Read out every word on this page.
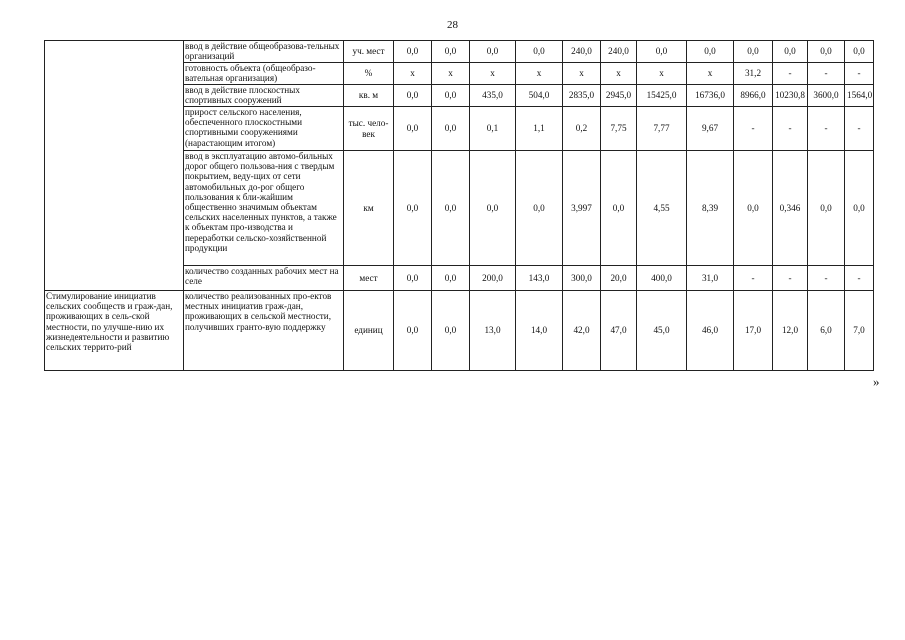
28
	ввод в действие общеобразова-тельных организаций	уч. мест	0,0	0,0	0,0	0,0	240,0	240,0	0,0	0,0	0,0	0,0	0,0	0,0
	готовность объекта (общеобразо-вательная организация)	%	х	х	х	х	х	х	х	х	31,2	-	-	-
	ввод в действие плоскостных спортивных сооружений	кв. м	0,0	0,0	435,0	504,0	2835,0	2945,0	15425,0	16736,0	8966,0	10230,8	3600,0	1564,0
	прирост сельского населения, обеспеченного плоскостными спортивными сооружениями (нарастающим итогом)	тыс. чело-век	0,0	0,0	0,1	1,1	0,2	7,75	7,77	9,67	-	-	-	-
	ввод в эксплуатацию автомо-бильных дорог общего пользова-ния с твердым покрытием, веду-щих от сети автомобильных до-рог общего пользования к бли-жайшим общественно значимым объектам сельских населенных пунктов, а также к объектам про-изводства и переработки сельско-хозяйственной продукции	км	0,0	0,0	0,0	0,0	3,997	0,0	4,55	8,39	0,0	0,346	0,0	0,0
	количество созданных рабочих мест на селе	мест	0,0	0,0	200,0	143,0	300,0	20,0	400,0	31,0	-	-	-	-
Стимулирование инициатив сельских сообществ и граж-дан, проживающих в сель-ской местности, по улучше-нию их жизнедеятельности и развитию сельских террито-рий	количество реализованных про-ектов местных инициатив граж-дан, проживающих в сельской местности, получивших гранто-вую поддержку	единиц	0,0	0,0	13,0	14,0	42,0	47,0	45,0	46,0	17,0	12,0	6,0	7,0
»
